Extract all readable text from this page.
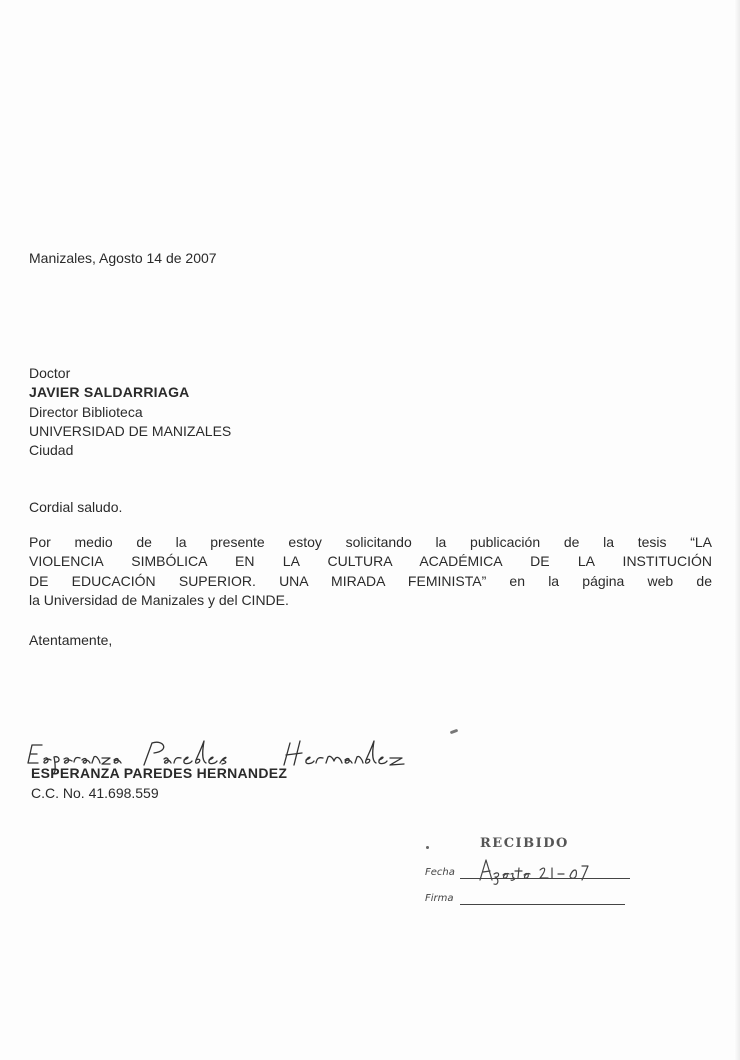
Manizales, Agosto 14 de 2007
Doctor
JAVIER SALDARRIAGA
Director Biblioteca
UNIVERSIDAD DE MANIZALES
Ciudad
Cordial saludo.
Por medio de la presente estoy solicitando la publicación de la tesis “LA
VIOLENCIA SIMBÓLICA EN LA CULTURA ACADÉMICA DE LA INSTITUCIÓN
DE EDUCACIÓN SUPERIOR. UNA MIRADA FEMINISTA” en la página web de
la Universidad de Manizales y del CINDE.
Atentamente,
ESPERANZA PAREDES HERNANDEZ
C.C. No. 41.698.559
RECIBIDO
Fecha
Firma
